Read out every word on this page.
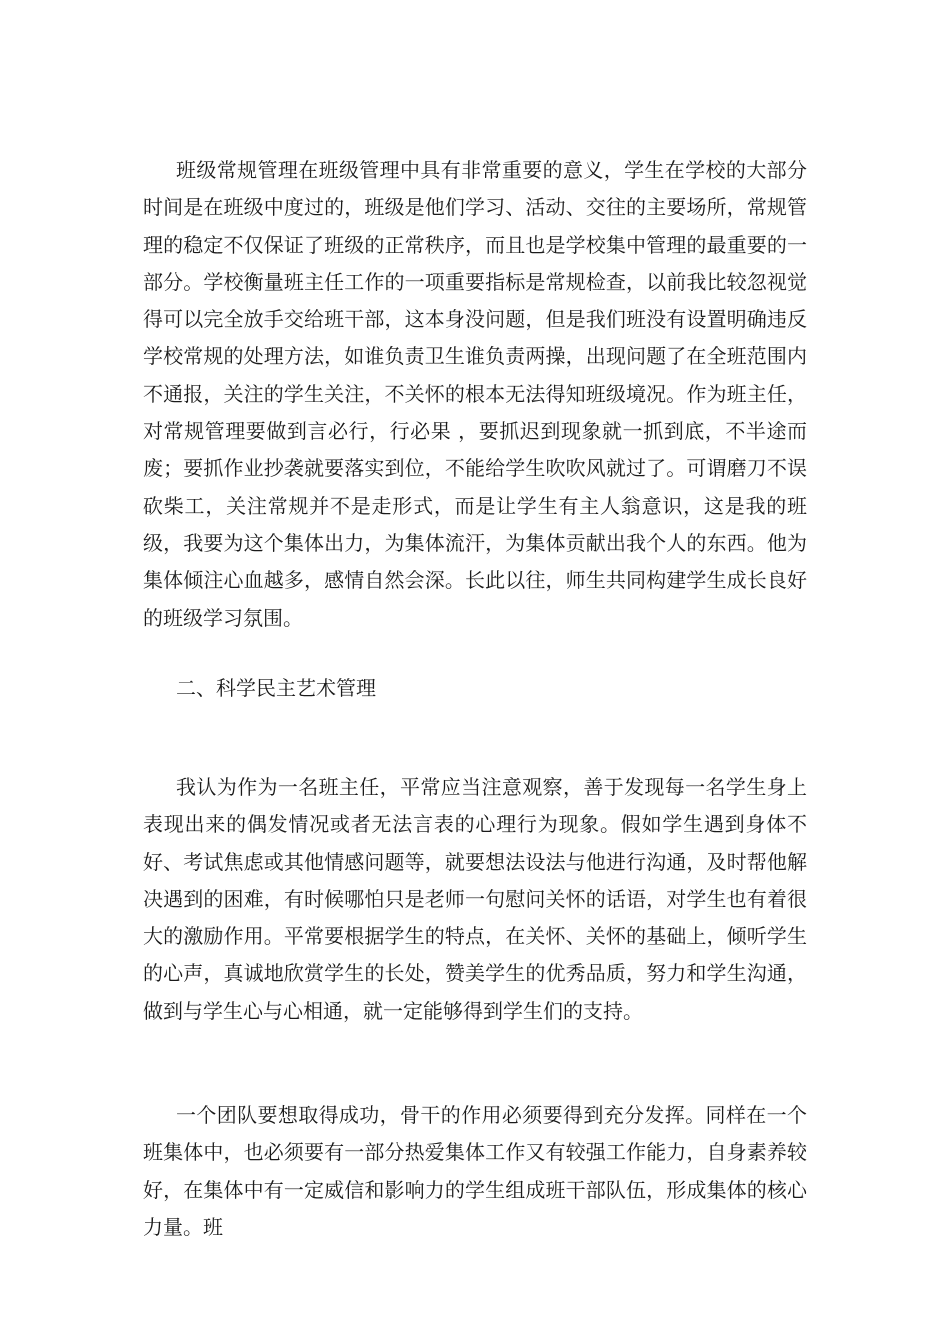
班级常规管理在班级管理中具有非常重要的意义，学生在学校的大部分时间是在班级中度过的，班级是他们学习、活动、交往的主要场所，常规管理的稳定不仅保证了班级的正常秩序，而且也是学校集中管理的最重要的一部分。学校衡量班主任工作的一项重要指标是常规检查，以前我比较忽视觉得可以完全放手交给班干部，这本身没问题，但是我们班没有设置明确违反学校常规的处理方法，如谁负责卫生谁负责两操，出现问题了在全班范围内不通报，关注的学生关注，不关怀的根本无法得知班级境况。作为班主任，对常规管理要做到言必行，行必果 ，要抓迟到现象就一抓到底，不半途而废；要抓作业抄袭就要落实到位，不能给学生吹吹风就过了。可谓磨刀不误砍柴工，关注常规并不是走形式，而是让学生有主人翁意识，这是我的班级，我要为这个集体出力，为集体流汗，为集体贡献出我个人的东西。他为集体倾注心血越多，感情自然会深。长此以往，师生共同构建学生成长良好的班级学习氛围。

二、科学民主艺术管理

我认为作为一名班主任，平常应当注意观察，善于发现每一名学生身上表现出来的偶发情况或者无法言表的心理行为现象。假如学生遇到身体不好、考试焦虑或其他情感问题等，就要想法设法与他进行沟通，及时帮他解决遇到的困难，有时候哪怕只是老师一句慰问关怀的话语，对学生也有着很大的激励作用。平常要根据学生的特点，在关怀、关怀的基础上，倾听学生的心声，真诚地欣赏学生的长处，赞美学生的优秀品质，努力和学生沟通，做到与学生心与心相通，就一定能够得到学生们的支持。

一个团队要想取得成功，骨干的作用必须要得到充分发挥。同样在一个班集体中，也必须要有一部分热爱集体工作又有较强工作能力，自身素养较好，在集体中有一定威信和影响力的学生组成班干部队伍，形成集体的核心力量。班
